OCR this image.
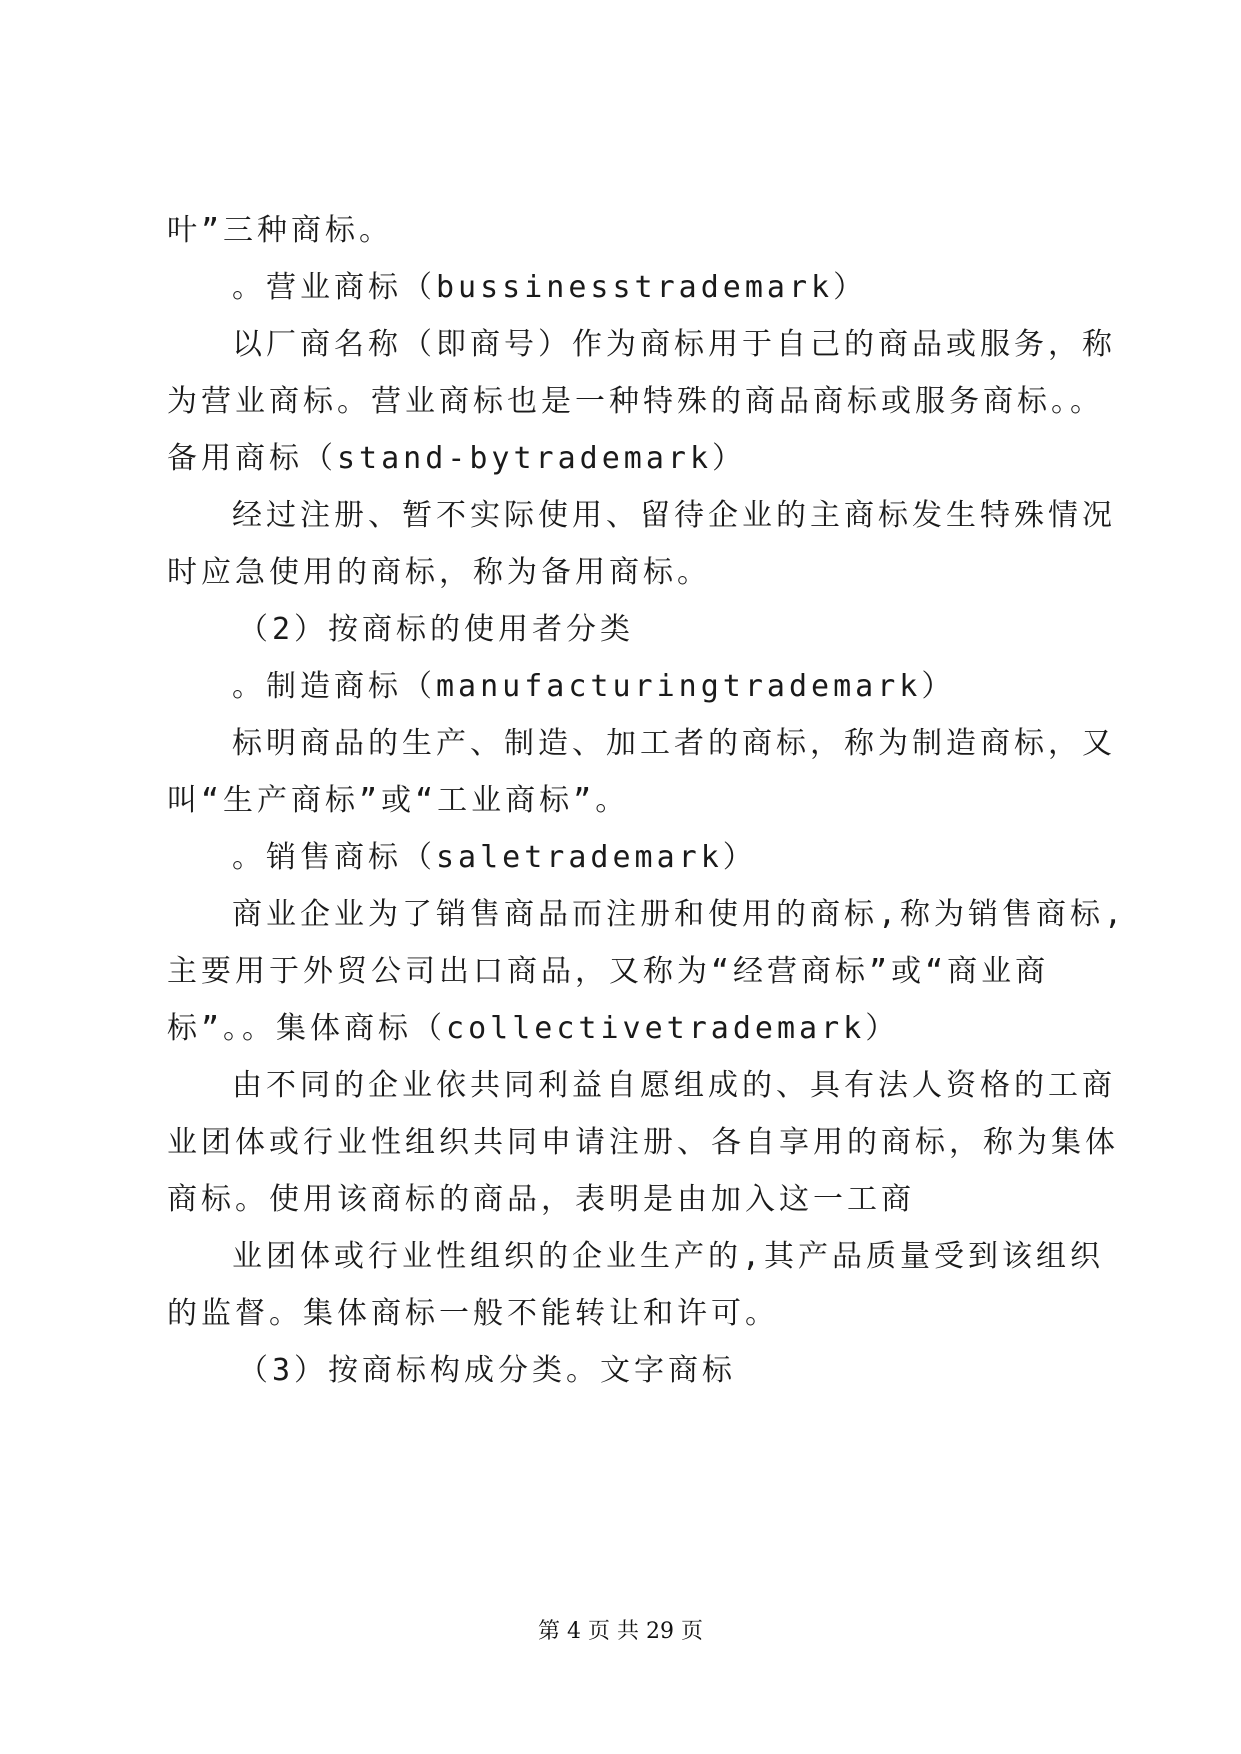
叶”三种商标。
。营业商标（bussinesstrademark）
以厂商名称（即商号）作为商标用于自己的商品或服务，称
为营业商标。营业商标也是一种特殊的商品商标或服务商标。。
备用商标（stand-bytrademark）
经过注册、暂不实际使用、留待企业的主商标发生特殊情况
时应急使用的商标，称为备用商标。
（2）按商标的使用者分类
。制造商标（manufacturingtrademark）
标明商品的生产、制造、加工者的商标，称为制造商标，又
叫“生产商标”或“工业商标”。
。销售商标（saletrademark）
商业企业为了销售商品而注册和使用的商标,称为销售商标,
主要用于外贸公司出口商品，又称为“经营商标”或“商业商
标”。。集体商标（collectivetrademark）
由不同的企业依共同利益自愿组成的、具有法人资格的工商
业团体或行业性组织共同申请注册、各自享用的商标，称为集体
商标。使用该商标的商品，表明是由加入这一工商
业团体或行业性组织的企业生产的,其产品质量受到该组织
的监督。集体商标一般不能转让和许可。
（3）按商标构成分类。文字商标
第 4 页 共 29 页
